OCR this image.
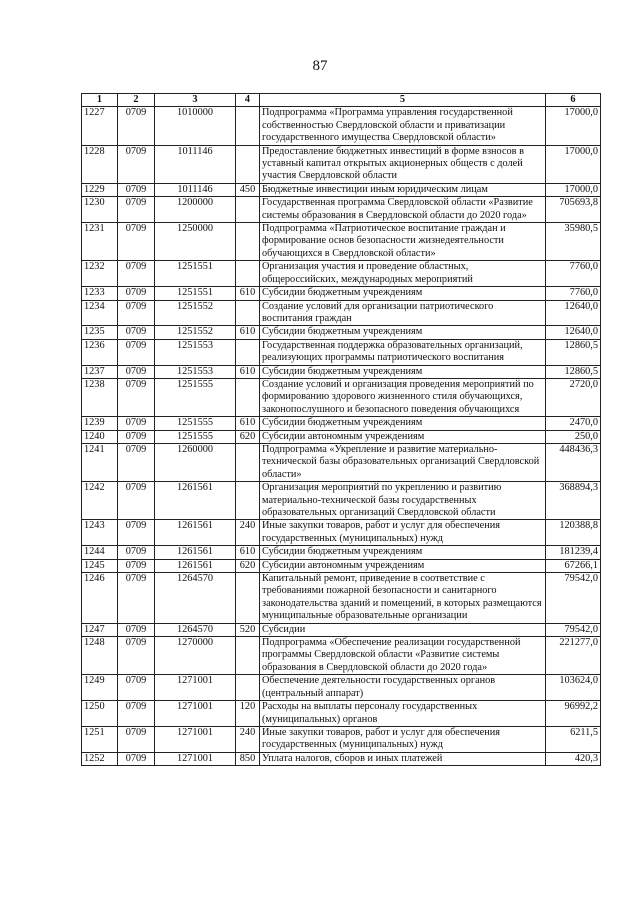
87
1	2	3	4	5	6
1227	0709	1010000		Подпрограмма «Программа управления государственной собственностью Свердловской области и приватизации государственного имущества Свердловской области»	17000,0
1228	0709	1011146		Предоставление бюджетных инвестиций в форме взносов в уставный капитал открытых акционерных обществ с долей участия Свердловской области	17000,0
1229	0709	1011146	450	Бюджетные инвестиции иным юридическим лицам	17000,0
1230	0709	1200000		Государственная программа Свердловской области «Развитие системы образования в Свердловской области до 2020 года»	705693,8
1231	0709	1250000		Подпрограмма «Патриотическое воспитание граждан и формирование основ безопасности жизнедеятельности обучающихся в Свердловской области»	35980,5
1232	0709	1251551		Организация участия и проведение областных, общероссийских, международных мероприятий	7760,0
1233	0709	1251551	610	Субсидии бюджетным учреждениям	7760,0
1234	0709	1251552		Создание условий для организации патриотического воспитания граждан	12640,0
1235	0709	1251552	610	Субсидии бюджетным учреждениям	12640,0
1236	0709	1251553		Государственная поддержка образовательных организаций, реализующих программы патриотического воспитания	12860,5
1237	0709	1251553	610	Субсидии бюджетным учреждениям	12860,5
1238	0709	1251555		Создание условий и организация проведения мероприятий по формированию здорового жизненного стиля обучающихся, законопослушного и безопасного поведения обучающихся	2720,0
1239	0709	1251555	610	Субсидии бюджетным учреждениям	2470,0
1240	0709	1251555	620	Субсидии автономным учреждениям	250,0
1241	0709	1260000		Подпрограмма «Укрепление и развитие материально-технической базы образовательных организаций Свердловской области»	448436,3
1242	0709	1261561		Организация мероприятий по укреплению и развитию материально-технической базы государственных образовательных организаций Свердловской области	368894,3
1243	0709	1261561	240	Иные закупки товаров, работ и услуг для обеспечения государственных (муниципальных) нужд	120388,8
1244	0709	1261561	610	Субсидии бюджетным учреждениям	181239,4
1245	0709	1261561	620	Субсидии автономным учреждениям	67266,1
1246	0709	1264570		Капитальный ремонт, приведение в соответствие с требованиями пожарной безопасности и санитарного законодательства зданий и помещений, в которых размещаются муниципальные образовательные организации	79542,0
1247	0709	1264570	520	Субсидии	79542,0
1248	0709	1270000		Подпрограмма «Обеспечение реализации государственной программы Свердловской области «Развитие системы образования в Свердловской области до 2020 года»	221277,0
1249	0709	1271001		Обеспечение деятельности государственных органов (центральный аппарат)	103624,0
1250	0709	1271001	120	Расходы на выплаты персоналу государственных (муниципальных) органов	96992,2
1251	0709	1271001	240	Иные закупки товаров, работ и услуг для обеспечения государственных (муниципальных) нужд	6211,5
1252	0709	1271001	850	Уплата налогов, сборов и иных платежей	420,3
